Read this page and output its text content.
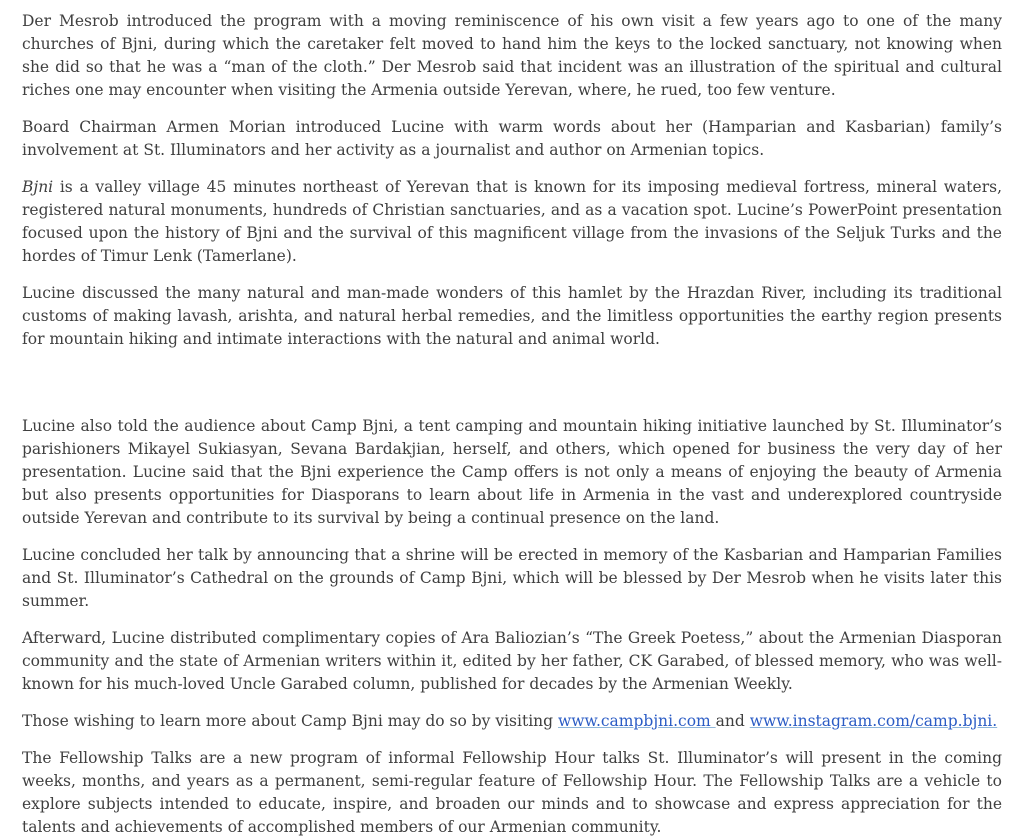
Der Mesrob introduced the program with a moving reminiscence of his own visit a few years ago to one of the many churches of Bjni, during which the caretaker felt moved to hand him the keys to the locked sanctuary, not knowing when she did so that he was a “man of the cloth.” Der Mesrob said that incident was an illustration of the spiritual and cultural riches one may encounter when visiting the Armenia outside Yerevan, where, he rued, too few venture.

Board Chairman Armen Morian introduced Lucine with warm words about her (Hamparian and Kasbarian) family’s involvement at St. Illuminators and her activity as a journalist and author on Armenian topics.

Bjni is a valley village 45 minutes northeast of Yerevan that is known for its imposing medieval fortress, mineral waters, registered natural monuments, hundreds of Christian sanctuaries, and as a vacation spot. Lucine’s PowerPoint presentation focused upon the history of Bjni and the survival of this magnificent village from the invasions of the Seljuk Turks and the hordes of Timur Lenk (Tamerlane).

Lucine discussed the many natural and man-made wonders of this hamlet by the Hrazdan River, including its traditional customs of making lavash, arishta, and natural herbal remedies, and the limitless opportunities the earthy region presents for mountain hiking and intimate interactions with the natural and animal world.

Lucine also told the audience about Camp Bjni, a tent camping and mountain hiking initiative launched by St. Illuminator’s parishioners Mikayel Sukiasyan, Sevana Bardakjian, herself, and others, which opened for business the very day of her presentation. Lucine said that the Bjni experience the Camp offers is not only a means of enjoying the beauty of Armenia but also presents opportunities for Diasporans to learn about life in Armenia in the vast and underexplored countryside outside Yerevan and contribute to its survival by being a continual presence on the land.

Lucine concluded her talk by announcing that a shrine will be erected in memory of the Kasbarian and Hamparian Families and St. Illuminator’s Cathedral on the grounds of Camp Bjni, which will be blessed by Der Mesrob when he visits later this summer.

Afterward, Lucine distributed complimentary copies of Ara Baliozian’s “The Greek Poetess,” about the Armenian Diasporan community and the state of Armenian writers within it, edited by her father, CK Garabed, of blessed memory, who was well-known for his much-loved Uncle Garabed column, published for decades by the Armenian Weekly.

Those wishing to learn more about Camp Bjni may do so by visiting www.campbjni.com and www.instagram.com/camp.bjni.

The Fellowship Talks are a new program of informal Fellowship Hour talks St. Illuminator’s will present in the coming weeks, months, and years as a permanent, semi-regular feature of Fellowship Hour. The Fellowship Talks are a vehicle to explore subjects intended to educate, inspire, and broaden our minds and to showcase and express appreciation for the talents and achievements of accomplished members of our Armenian community.
